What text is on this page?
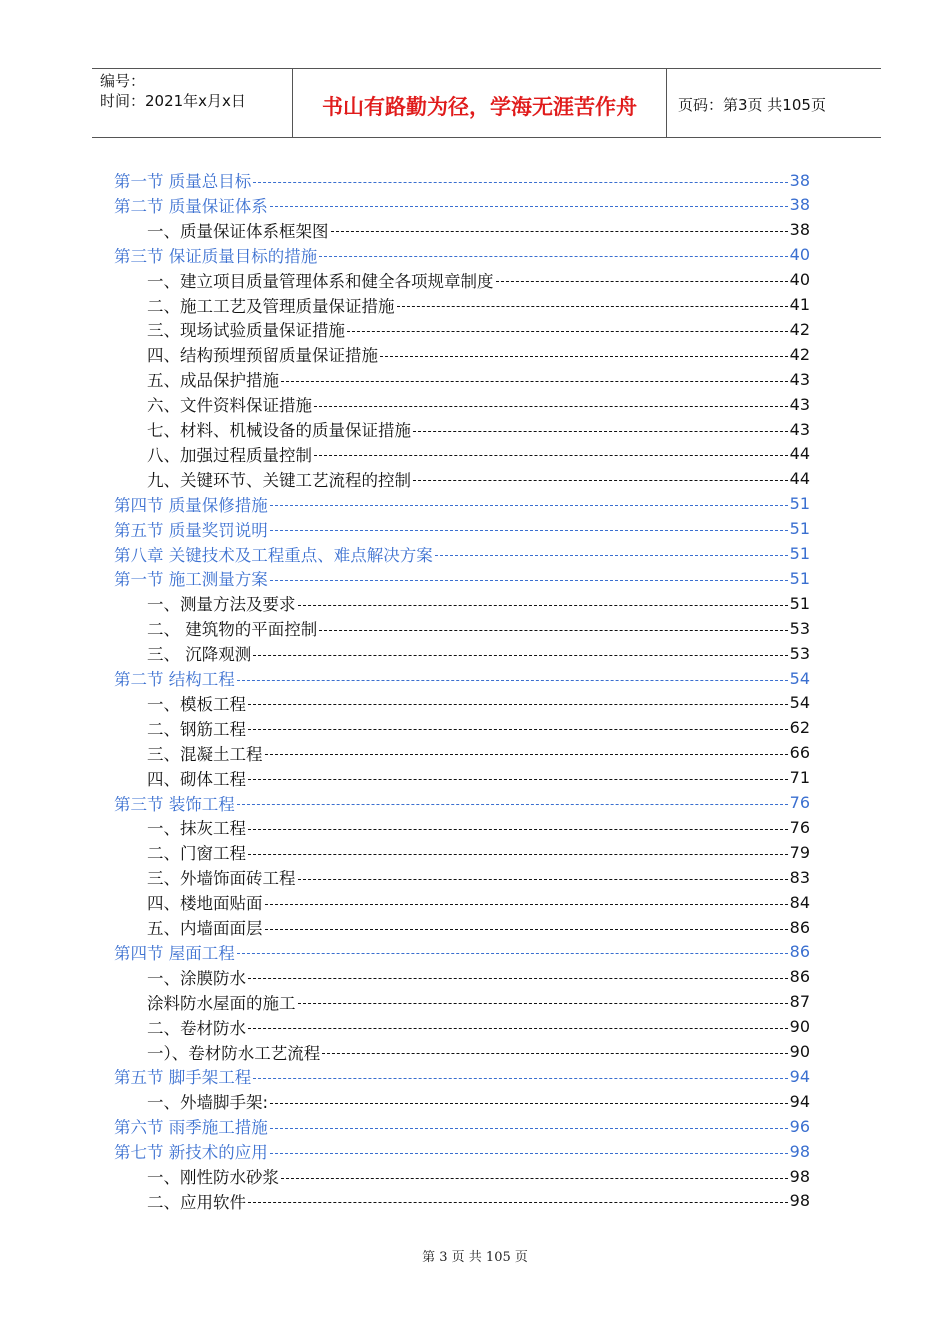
编号：
时间：2021年x月x日	书山有路勤为径，学海无涯苦作舟	页码：第3页 共105页
第一节 质量总目标	38
第二节 质量保证体系	38
一、质量保证体系框架图	38
第三节 保证质量目标的措施	40
一、建立项目质量管理体系和健全各项规章制度	40
二、施工工艺及管理质量保证措施	41
三、现场试验质量保证措施	42
四、结构预埋预留质量保证措施	42
五、成品保护措施	43
六、文件资料保证措施	43
七、材料、机械设备的质量保证措施	43
八、加强过程质量控制	44
九、关键环节、关键工艺流程的控制	44
第四节 质量保修措施	51
第五节 质量奖罚说明	51
第八章 关键技术及工程重点、难点解决方案	51
第一节 施工测量方案	51
一、测量方法及要求	51
二、 建筑物的平面控制	53
三、 沉降观测	53
第二节 结构工程	54
一、模板工程	54
二、钢筋工程	62
三、混凝土工程	66
四、砌体工程	71
第三节 装饰工程	76
一、抹灰工程	76
二、门窗工程	79
三、外墙饰面砖工程	83
四、楼地面贴面	84
五、内墙面面层	86
第四节 屋面工程	86
一、涂膜防水	86
涂料防水屋面的施工	87
二、卷材防水	90
一）、卷材防水工艺流程	90
第五节 脚手架工程	94
一、外墙脚手架:	94
第六节 雨季施工措施	96
第七节 新技术的应用	98
一、刚性防水砂浆	98
二、应用软件	98
第 3 页 共 105 页
